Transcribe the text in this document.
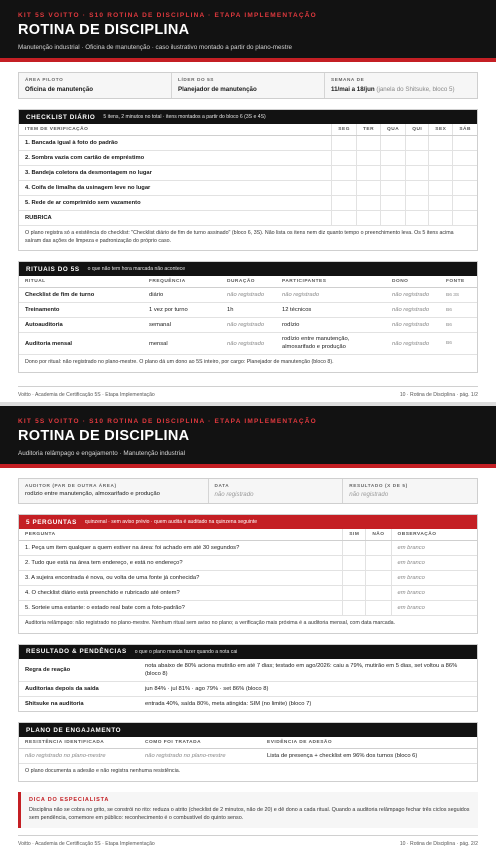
KIT 5S VOITTO · S10 ROTINA DE DISCIPLINA · ETAPA IMPLEMENTAÇÃO
ROTINA DE DISCIPLINA
Manutenção industrial · Oficina de manutenção · caso ilustrativo montado a partir do plano-mestre
ÁREA PILOTO
Oficina de manutenção
LÍDER DO 5S
Planejador de manutenção
SEMANA DE
11/mai a 18/jun (janela do Shitsuke, bloco 5)
CHECKLIST DIÁRIO 5 itens, 2 minutos no total · itens montados a partir do bloco 6 (3S e 4S)
ITEM DE VERIFICAÇÃO	SEG	TER	QUA	QUI	SEX	SÁB
1. Bancada igual à foto do padrão						
2. Sombra vazia com cartão de empréstimo						
3. Bandeja coletora da desmontagem no lugar						
4. Coifa de limalha da usinagem leve no lugar						
5. Rede de ar comprimido sem vazamento						
RUBRICA						
O plano registra só a existência do checklist: "Checklist diário de fim de turno assinado" (bloco 6, 3S). Não lista os itens nem diz quanto tempo o preenchimento leva. Os 5 itens acima saíram das ações de limpeza e padronização do próprio caso.
RITUAIS DO 5S o que não tem hora marcada não acontece
RITUAL	FREQUÊNCIA	DURAÇÃO	PARTICIPANTES	DONO	FONTE
Checklist de fim de turno	diário	não registrado	não registrado	não registrado	B6 3S
Treinamento	1 vez por turno	1h	12 técnicos	não registrado	B6
Autoauditoria	semanal	não registrado	rodízio	não registrado	B6
Auditoria mensal	mensal	não registrado	rodízio entre manutenção, almoxarifado e produção	não registrado	B6
Dono por ritual: não registrado no plano-mestre. O plano dá um dono ao 5S inteiro, por cargo: Planejador de manutenção (bloco 8).
Voitto · Academia de Certificação 5S · Etapa Implementação	10 · Rotina de Disciplina · pág. 1/2
KIT 5S VOITTO · S10 ROTINA DE DISCIPLINA · ETAPA IMPLEMENTAÇÃO
ROTINA DE DISCIPLINA
Auditoria relâmpago e engajamento · Manutenção industrial
AUDITOR (PAR DE OUTRA ÁREA)
rodízio entre manutenção, almoxarifado e produção
DATA
não registrado
RESULTADO (X DE 5)
não registrado
5 PERGUNTAS quinzenal · sem aviso prévio · quem audita é auditado na quinzena seguinte
PERGUNTA	SIM	NÃO	OBSERVAÇÃO
1. Peça um item qualquer a quem estiver na área: foi achado em até 30 segundos?			em branco
2. Tudo que está na área tem endereço, e está no endereço?			em branco
3. A sujeira encontrada é nova, ou volta de uma fonte já conhecida?			em branco
4. O checklist diário está preenchido e rubricado até ontem?			em branco
5. Sorteie uma estante: o estado real bate com a foto-padrão?			em branco
Auditoria relâmpago: não registrado no plano-mestre. Nenhum ritual sem aviso no plano; a verificação mais próxima é a auditoria mensal, com data marcada.
RESULTADO & PENDÊNCIAS o que o plano manda fazer quando a nota cai
Regra de reação	nota abaixo de 80% aciona mutirão em até 7 dias; testado em ago/2026: caiu a 79%, mutirão em 5 dias, set voltou a 86% (bloco 8)
Auditorias depois da saída	jun 84% · jul 81% · ago 79% · set 86% (bloco 8)
Shitsuke na auditoria	entrada 40%, saída 80%, meta atingida: SIM (no limite) (bloco 7)
PLANO DE ENGAJAMENTO
RESISTÊNCIA IDENTIFICADA	COMO FOI TRATADA	EVIDÊNCIA DE ADESÃO
não registrado no plano-mestre	não registrado no plano-mestre	Lista de presença + checklist em 96% dos turnos (bloco 6)
O plano documenta a adesão e não registra nenhuma resistência.
DICA DO ESPECIALISTA
Disciplina não se cobra no grito, se constrói no rito: reduza o atrito (checklist de 2 minutos, não de 20) e dê dono a cada ritual. Quando a auditoria relâmpago fechar três ciclos seguidos sem pendência, comemore em público: reconhecimento é o combustível do quinto senso.
Voitto · Academia de Certificação 5S · Etapa Implementação	10 · Rotina de Disciplina · pág. 2/2
